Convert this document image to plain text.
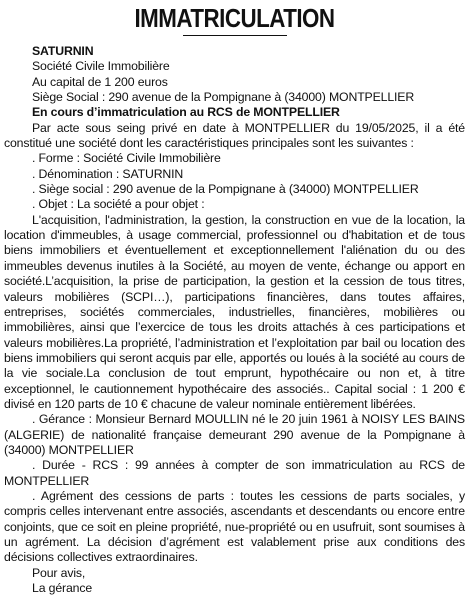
IMMATRICULATION

SATURNIN

Société Civile Immobilière

Au capital de 1 200 euros

Siège Social : 290 avenue de la Pompignane à (34000) MONTPELLIER

En cours d’immatriculation au RCS de MONTPELLIER

Par acte sous seing privé en date à MONTPELLIER du 19/05/2025, il a été constitué une société dont les caractéristiques principales sont les suivantes :

. Forme : Société Civile Immobilière

. Dénomination : SATURNIN

. Siège social : 290 avenue de la Pompignane à (34000) MONTPELLIER

. Objet : La société a pour objet :

L'acquisition, l'administration, la gestion, la construction en vue de la location, la location d'immeubles, à usage commercial, professionnel ou d'habitation et de tous biens immobiliers et éventuellement et exceptionnellement l'aliénation du ou des immeubles devenus inutiles à la Société, au moyen de vente, échange ou apport en société.L’acquisition, la prise de participation, la gestion et la cession de tous titres, valeurs mobilières (SCPI…), participations financières, dans toutes affaires, entreprises, sociétés commerciales, industrielles, financières, mobilières ou immobilières, ainsi que l’exercice de tous les droits attachés à ces participations et valeurs mobilières.La propriété, l’administration et l’exploitation par bail ou location des biens immobiliers qui seront acquis par elle, apportés ou loués à la société au cours de la vie sociale.La conclusion de tout emprunt, hypothécaire ou non et, à titre exceptionnel, le cautionnement hypothécaire des associés.. Capital social : 1 200 € divisé en 120 parts de 10 € chacune de valeur nominale entièrement libérées.

. Gérance : Monsieur Bernard MOULLIN né le 20 juin 1961 à NOISY LES BAINS (ALGERIE) de nationalité française demeurant 290 avenue de la Pompignane à (34000) MONTPELLIER

. Durée - RCS : 99 années à compter de son immatriculation au RCS de MONTPELLIER

. Agrément des cessions de parts : toutes les cessions de parts sociales, y compris celles intervenant entre associés, ascendants et descendants ou encore entre conjoints, que ce soit en pleine propriété, nue-propriété ou en usufruit, sont soumises à un agrément. La décision d’agrément est valablement prise aux conditions des décisions collectives extraordinaires.

Pour avis,

La gérance
